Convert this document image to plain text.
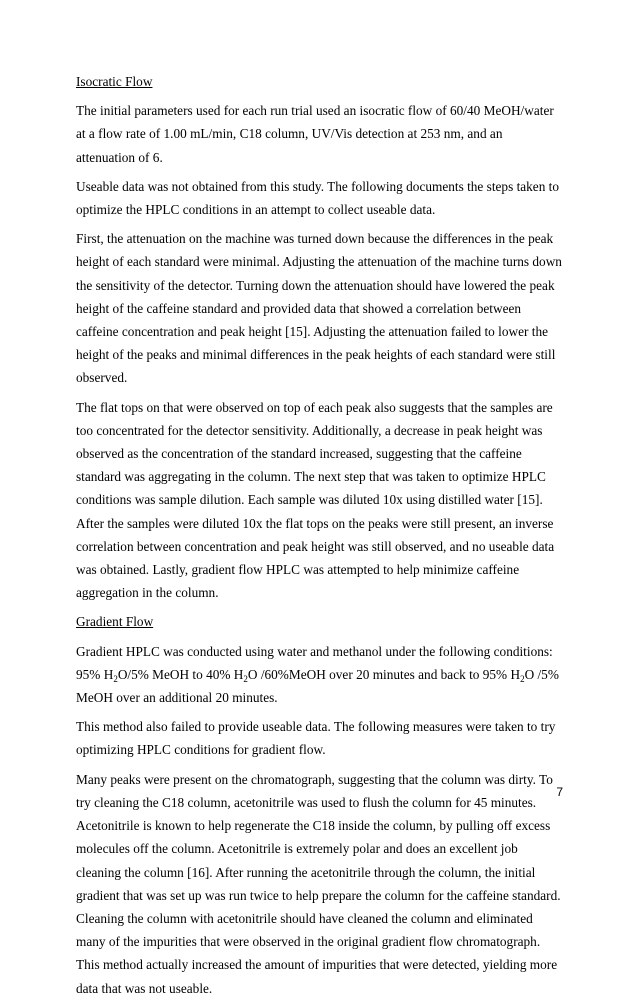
Isocratic Flow

The initial parameters used for each run trial used an isocratic flow of 60/40 MeOH/water at a flow rate of 1.00 mL/min, C18 column, UV/Vis detection at 253 nm, and an attenuation of 6.

Useable data was not obtained from this study. The following documents the steps taken to optimize the HPLC conditions in an attempt to collect useable data.

First, the attenuation on the machine was turned down because the differences in the peak height of each standard were minimal. Adjusting the attenuation of the machine turns down the sensitivity of the detector. Turning down the attenuation should have lowered the peak height of the caffeine standard and provided data that showed a correlation between caffeine concentration and peak height [15]. Adjusting the attenuation failed to lower the height of the peaks and minimal differences in the peak heights of each standard were still observed.

The flat tops on that were observed on top of each peak also suggests that the samples are too concentrated for the detector sensitivity. Additionally, a decrease in peak height was observed as the concentration of the standard increased, suggesting that the caffeine standard was aggregating in the column. The next step that was taken to optimize HPLC conditions was sample dilution. Each sample was diluted 10x using distilled water [15]. After the samples were diluted 10x the flat tops on the peaks were still present, an inverse correlation between concentration and peak height was still observed, and no useable data was obtained. Lastly, gradient flow HPLC was attempted to help minimize caffeine aggregation in the column.

Gradient Flow

Gradient HPLC was conducted using water and methanol under the following conditions: 95% $H_2O/5\%$ MeOH to 40% $H_2O$ /60%MeOH over 20 minutes and back to 95% $H_2O$ /5% MeOH over an additional 20 minutes.

This method also failed to provide useable data. The following measures were taken to try optimizing HPLC conditions for gradient flow.

Many peaks were present on the chromatograph, suggesting that the column was dirty. To try cleaning the C18 column, acetonitrile was used to flush the column for 45 minutes. Acetonitrile is known to help regenerate the C18 inside the column, by pulling off excess molecules off the column. Acetonitrile is extremely polar and does an excellent job cleaning the column [16]. After running the acetonitrile through the column, the initial gradient that was set up was run twice to help prepare the column for the caffeine standard. Cleaning the column with acetonitrile should have cleaned the column and eliminated many of the impurities that were observed in the original gradient flow chromatograph. This method actually increased the amount of impurities that were detected, yielding more data that was not useable.

7
